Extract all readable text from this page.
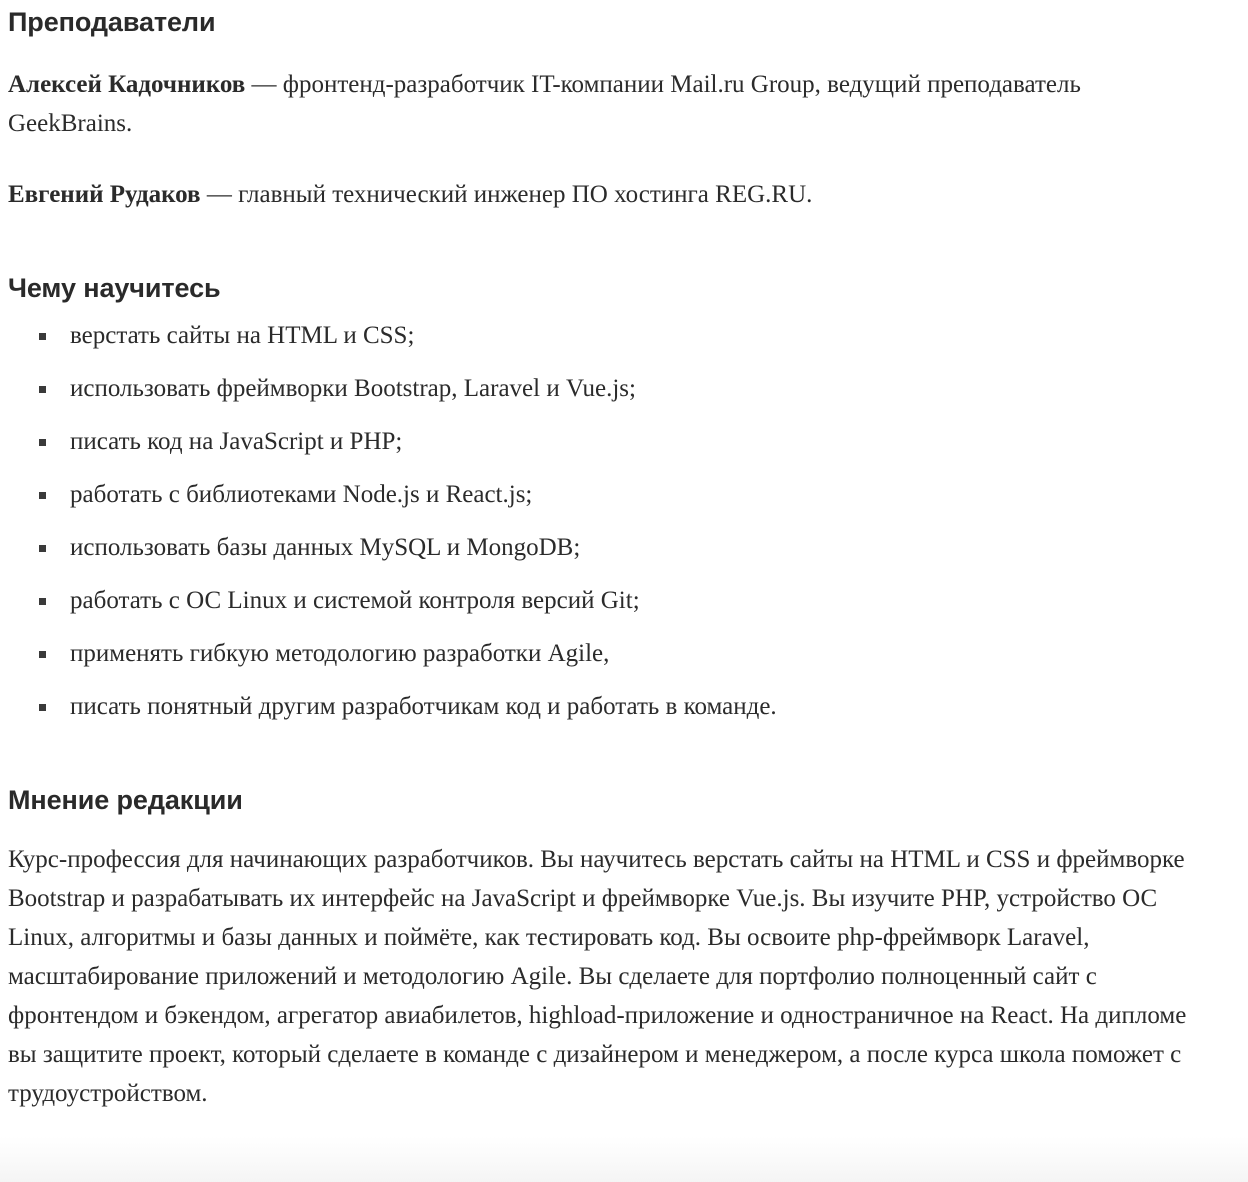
Преподаватели

Алексей Кадочников — фронтенд-разработчик IT-компании Mail.ru Group, ведущий преподаватель GeekBrains.

Евгений Рудаков — главный технический инженер ПО хостинга REG.RU.

Чему научитесь
верстать сайты на HTML и CSS;
использовать фреймворки Bootstrap, Laravel и Vue.js;
писать код на JavaScript и PHP;
работать с библиотеками Node.js и React.js;
использовать базы данных MySQL и MongoDB;
работать с ОС Linux и системой контроля версий Git;
применять гибкую методологию разработки Agile,
писать понятный другим разработчикам код и работать в команде.
Мнение редакции

Курс-профессия для начинающих разработчиков. Вы научитесь верстать сайты на HTML и CSS и фреймворке Bootstrap и разрабатывать их интерфейс на JavaScript и фреймворке Vue.js. Вы изучите PHP, устройство ОС Linux, алгоритмы и базы данных и поймёте, как тестировать код. Вы освоите php-фреймворк Laravel, масштабирование приложений и методологию Agile. Вы сделаете для портфолио полноценный сайт с фронтендом и бэкендом, агрегатор авиабилетов, highload-приложение и одностраничное на React. На дипломе вы защитите проект, который сделаете в команде с дизайнером и менеджером, а после курса школа поможет с трудоустройством.
